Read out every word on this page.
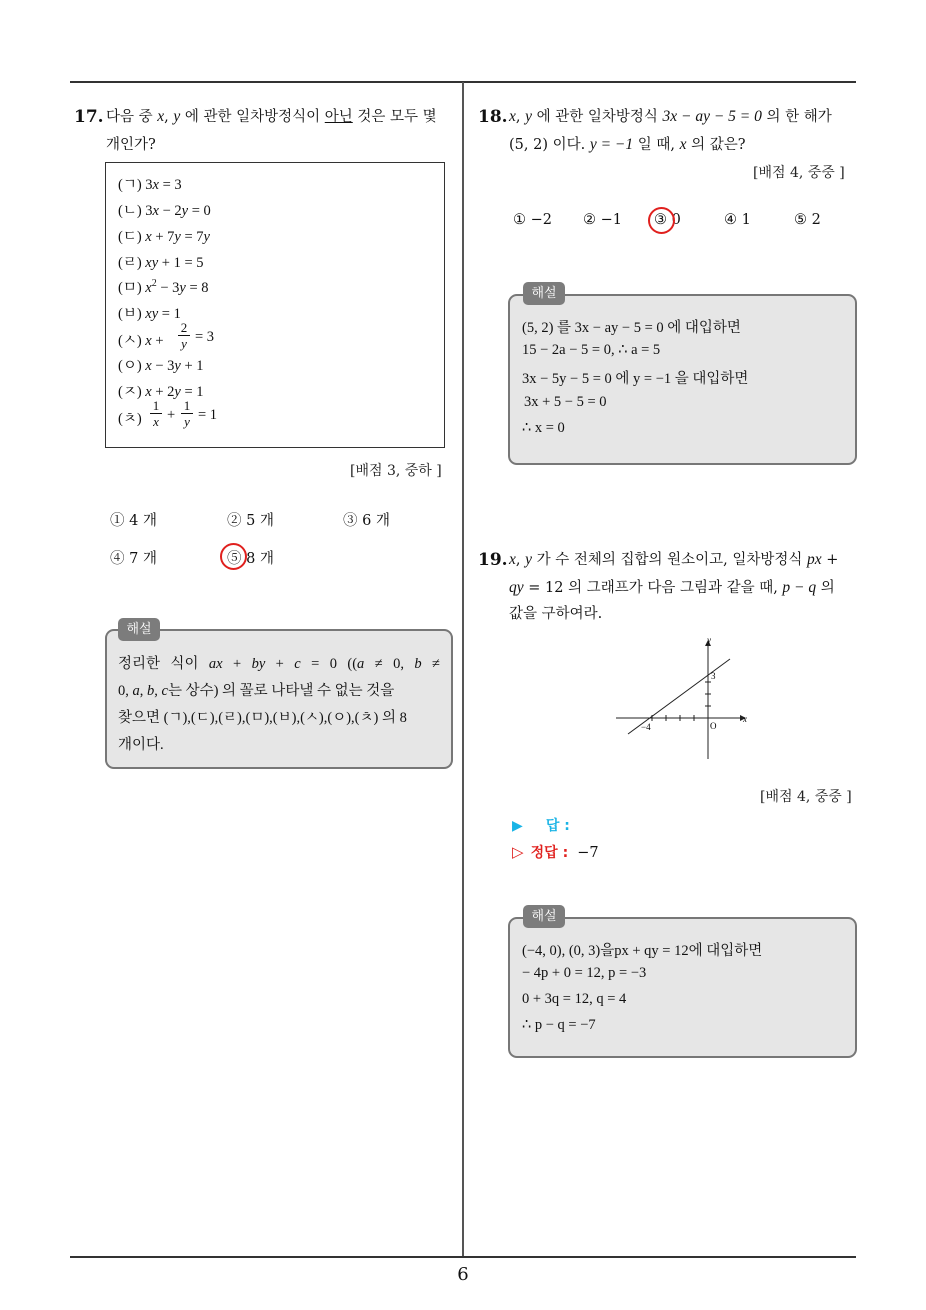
6
17. 다음 중 x, y 에 관한 일차방정식이 아닌 것은 모두 몇
개인가?
(ㄱ) 3x = 3
(ㄴ) 3x − 2y = 0
(ㄷ) x + 7y = 7y
(ㄹ) xy + 1 = 5
(ㅁ) $x^2 - 3y = 8$
(ㅂ) xy = 1
(ㅅ) x +
2

y = 3
(ㅇ) x − 3y + 1
(ㅈ) x + 2y = 1
(ㅊ)
1

x +
1

y = 1
[배점 3, 중하 ]
① 4 개	② 5 개	③ 6 개
④ 7 개	⑤ 8 개
해설
정리한 식이 ax + by + c = 0 ((a ≠ 0, b ≠
0, a, b, c는 상수) 의 꼴로 나타낼 수 없는 것을
찾으면 (ㄱ),(ㄷ),(ㄹ),(ㅁ),(ㅂ),(ㅅ),(ㅇ),(ㅊ) 의 8
개이다.
18. x, y 에 관한 일차방정식 3x − ay − 5 = 0 의 한 해가
(5, 2) 이다. y = −1 일 때, x 의 값은?
[배점 4, 중중 ]
① −2 ② −1 ③ 0	④ 1	⑤ 2
해설
(5, 2) 를 3x − ay − 5 = 0 에 대입하면
15 − 2a − 5 = 0, ∴ a = 5
3x − 5y − 5 = 0 에 y = −1 을 대입하면
3x + 5 − 5 = 0
∴ x = 0
19. x, y 가 수 전체의 집합의 원소이고, 일차방정식 px +
qy = 12 의 그래프가 다음 그림과 같을 때, p − q 의
값을 구하여라.
x
y
O
−4
3
[배점 4, 중중 ]
▶ 답 :
▷ 정답 : −7
해설
(−4, 0), (0, 3)을px + qy = 12에 대입하면
− 4p + 0 = 12, p = −3
0 + 3q = 12, q = 4
∴ p − q = −7
